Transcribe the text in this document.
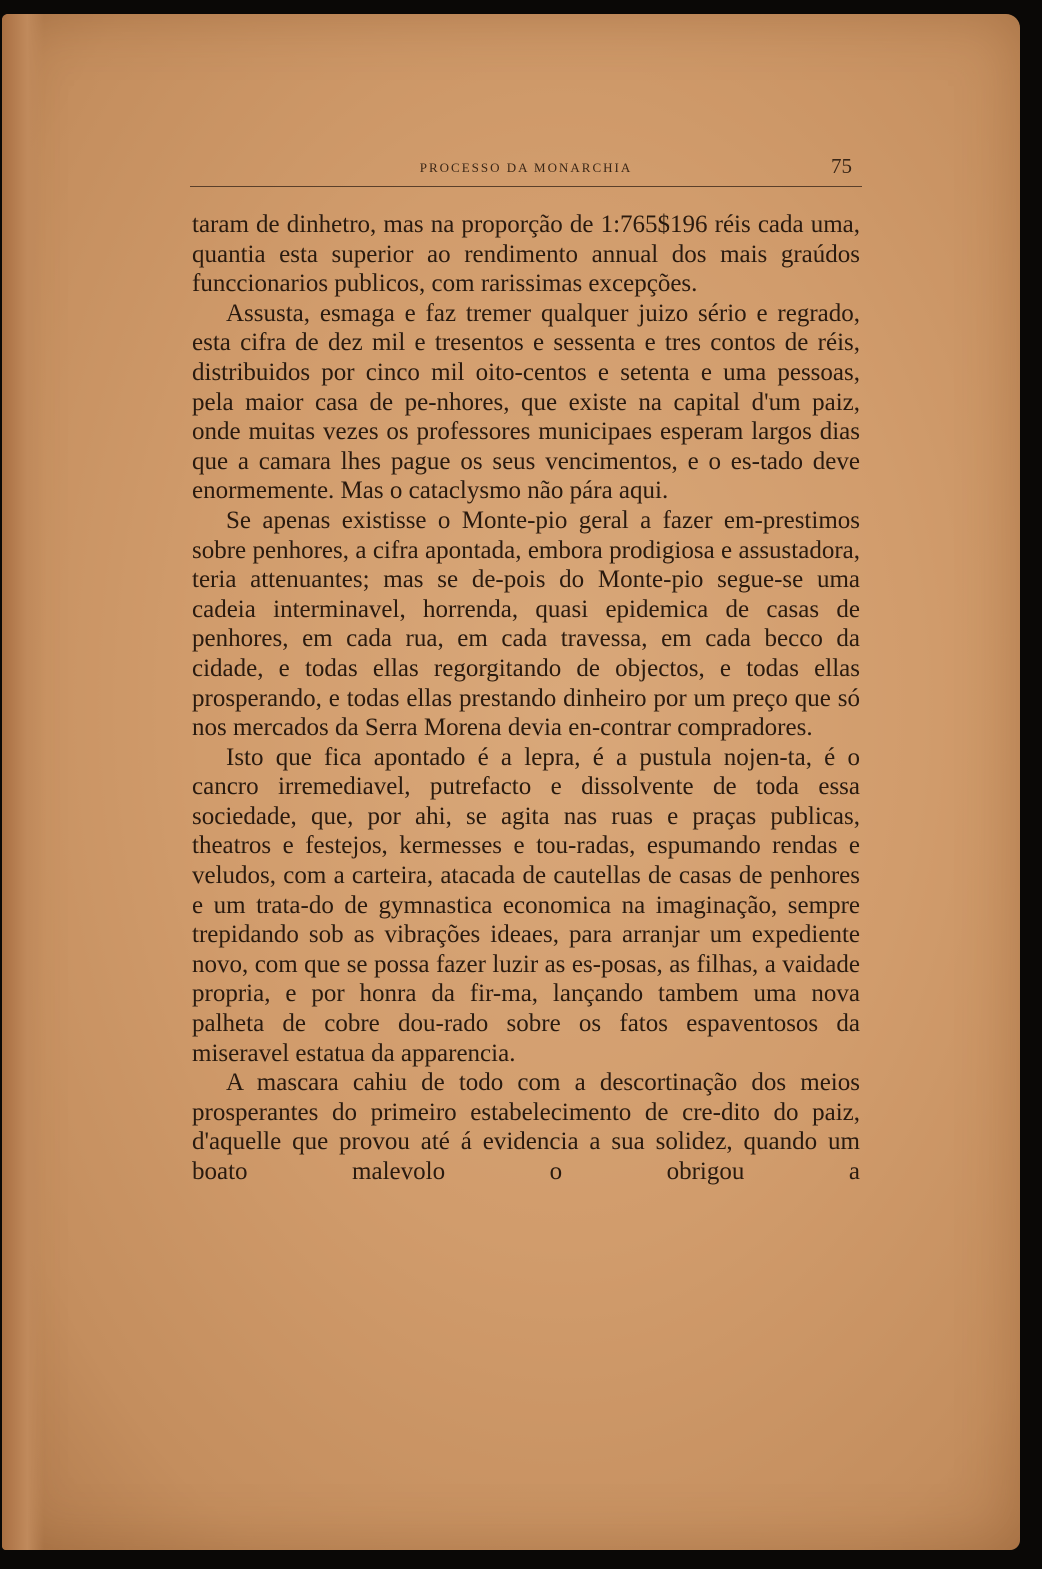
PROCESSO DA MONARCHIA	75

taram de dinhetro, mas na proporção de 1:765$196 réis cada uma, quantia esta superior ao rendimento annual dos mais graúdos funccionarios publicos, com rarissimas excepções.

Assusta, esmaga e faz tremer qualquer juizo sério e regrado, esta cifra de dez mil e tresentos e sessenta e tres contos de réis, distribuidos por cinco mil oito-centos e setenta e uma pessoas, pela maior casa de pe-nhores, que existe na capital d'um paiz, onde muitas vezes os professores municipaes esperam largos dias que a camara lhes pague os seus vencimentos, e o es-tado deve enormemente. Mas o cataclysmo não pára aqui.

Se apenas existisse o Monte-pio geral a fazer em-prestimos sobre penhores, a cifra apontada, embora prodigiosa e assustadora, teria attenuantes; mas se de-pois do Monte-pio segue-se uma cadeia interminavel, horrenda, quasi epidemica de casas de penhores, em cada rua, em cada travessa, em cada becco da cidade, e todas ellas regorgitando de objectos, e todas ellas prosperando, e todas ellas prestando dinheiro por um preço que só nos mercados da Serra Morena devia en-contrar compradores.

Isto que fica apontado é a lepra, é a pustula nojen-ta, é o cancro irremediavel, putrefacto e dissolvente de toda essa sociedade, que, por ahi, se agita nas ruas e praças publicas, theatros e festejos, kermesses e tou-radas, espumando rendas e veludos, com a carteira, atacada de cautellas de casas de penhores e um trata-do de gymnastica economica na imaginação, sempre trepidando sob as vibrações ideaes, para arranjar um expediente novo, com que se possa fazer luzir as es-posas, as filhas, a vaidade propria, e por honra da fir-ma, lançando tambem uma nova palheta de cobre dou-rado sobre os fatos espaventosos da miseravel estatua da apparencia.

A mascara cahiu de todo com a descortinação dos meios prosperantes do primeiro estabelecimento de cre-dito do paiz, d'aquelle que provou até á evidencia a sua solidez, quando um boato malevolo o obrigou a
